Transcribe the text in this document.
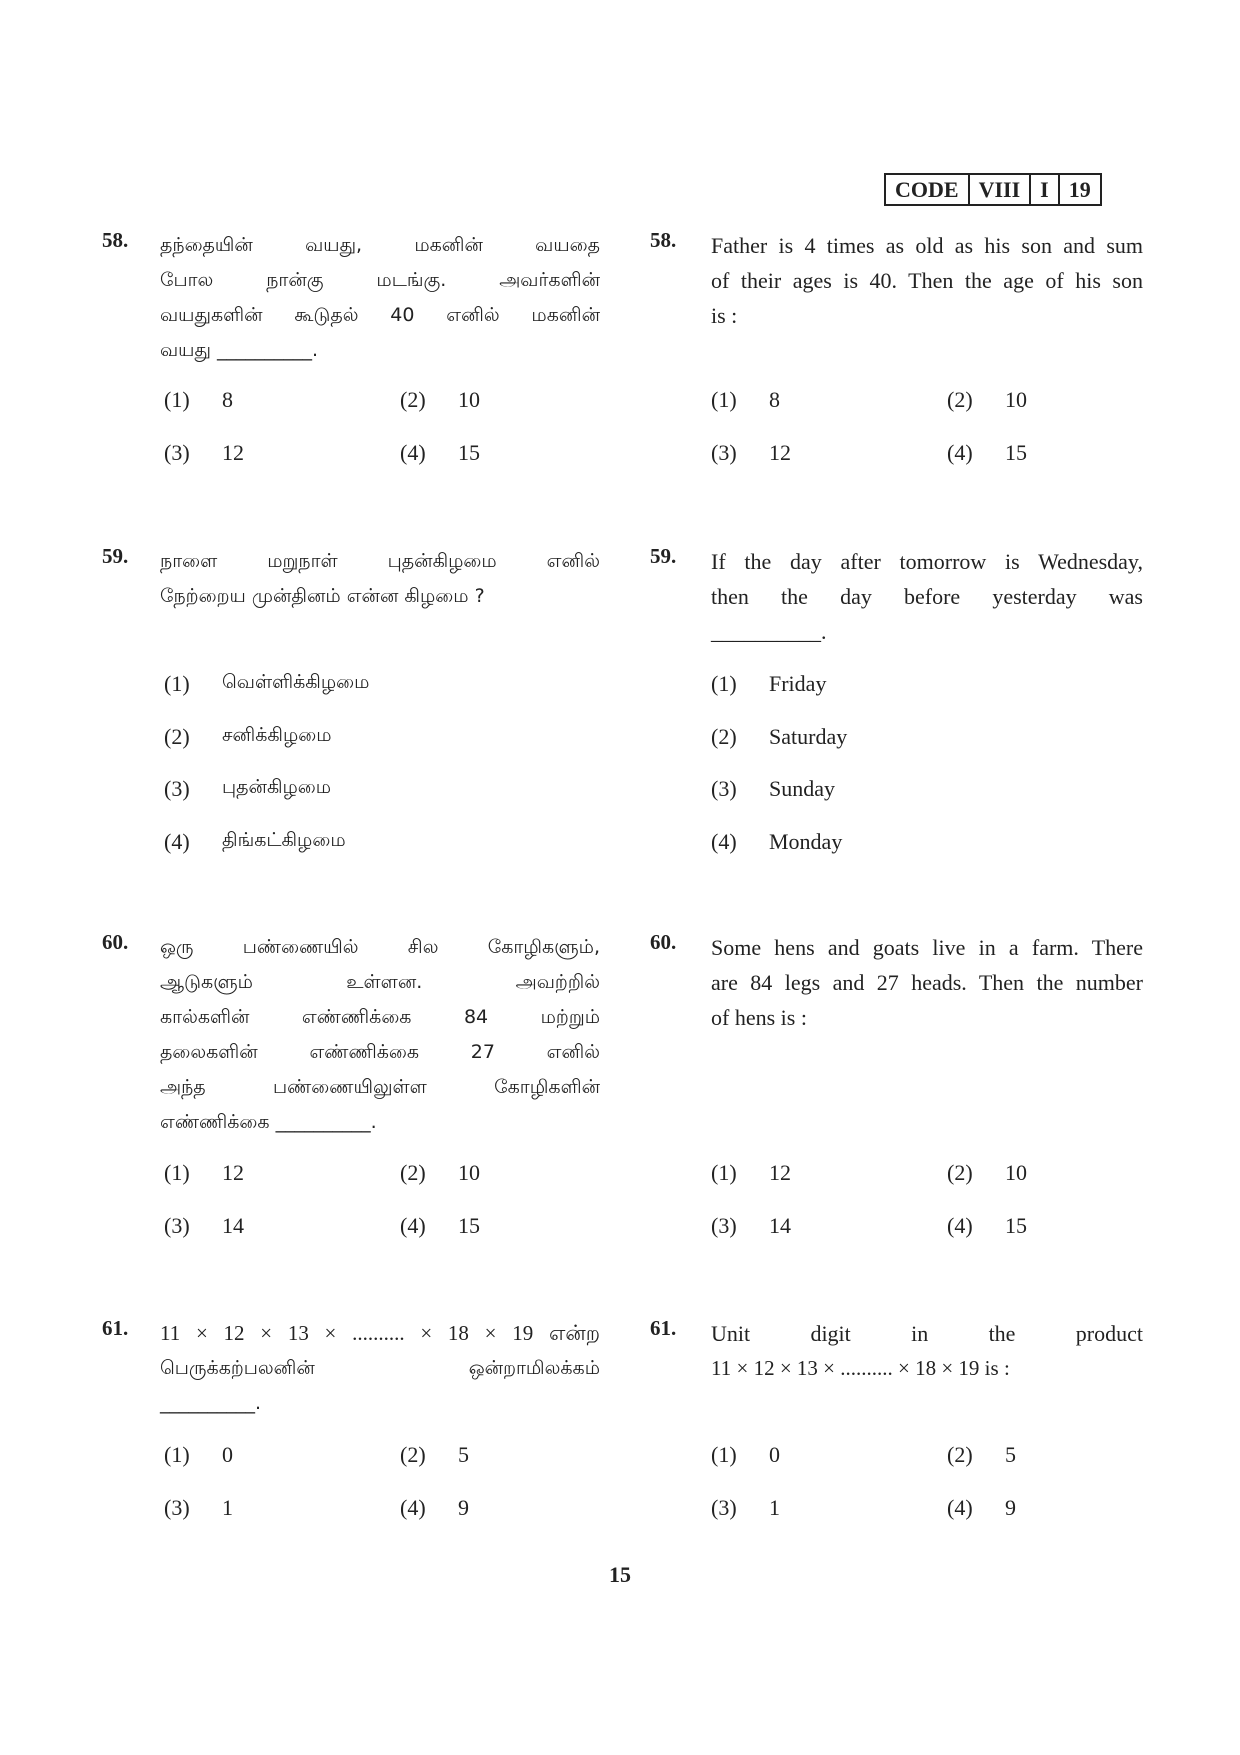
CODE VIII I 19
58. தந்தையின் வயது, மகனின் வயதை
போல நான்கு மடங்கு. அவர்களின்
வயதுகளின் கூடுதல் 40 எனில் மகனின்
வயது __________.
58. Father is 4 times as old as his son and sum
of their ages is 40. Then the age of his son
is :
(1)	8	(2)	10
(3)	12	(4)	15
(1)	8	(2)	10
(3)	12	(4)	15
59. நாளை மறுநாள் புதன்கிழமை எனில்
நேற்றைய முன்தினம் என்ன கிழமை ?
59. If the day after tomorrow is Wednesday,
then the day before yesterday was
__________.
(1)	வெள்ளிக்கிழமை
(2)	சனிக்கிழமை
(3)	புதன்கிழமை
(4)	திங்கட்கிழமை
(1)	Friday
(2)	Saturday
(3)	Sunday
(4)	Monday
60. ஒரு பண்ணையில் சில கோழிகளும்,
ஆடுகளும் உள்ளன. அவற்றில்
கால்களின் எண்ணிக்கை 84 மற்றும்
தலைகளின் எண்ணிக்கை 27 எனில்
அந்த பண்ணையிலுள்ள கோழிகளின்
எண்ணிக்கை __________.
60. Some hens and goats live in a farm. There
are 84 legs and 27 heads. Then the number
of hens is :
(1)	12	(2)	10
(3)	14	(4)	15
(1)	12	(2)	10
(3)	14	(4)	15
61. 11 × 12 × 13 × .......... × 18 × 19 என்ற
பெருக்கற்பலனின் ஒன்றாமிலக்கம்
__________.
61. Unit digit in the product
11 × 12 × 13 × .......... × 18 × 19 is :
(1)	0	(2)	5
(3)	1	(4)	9
(1)	0	(2)	5
(3)	1	(4)	9
15
